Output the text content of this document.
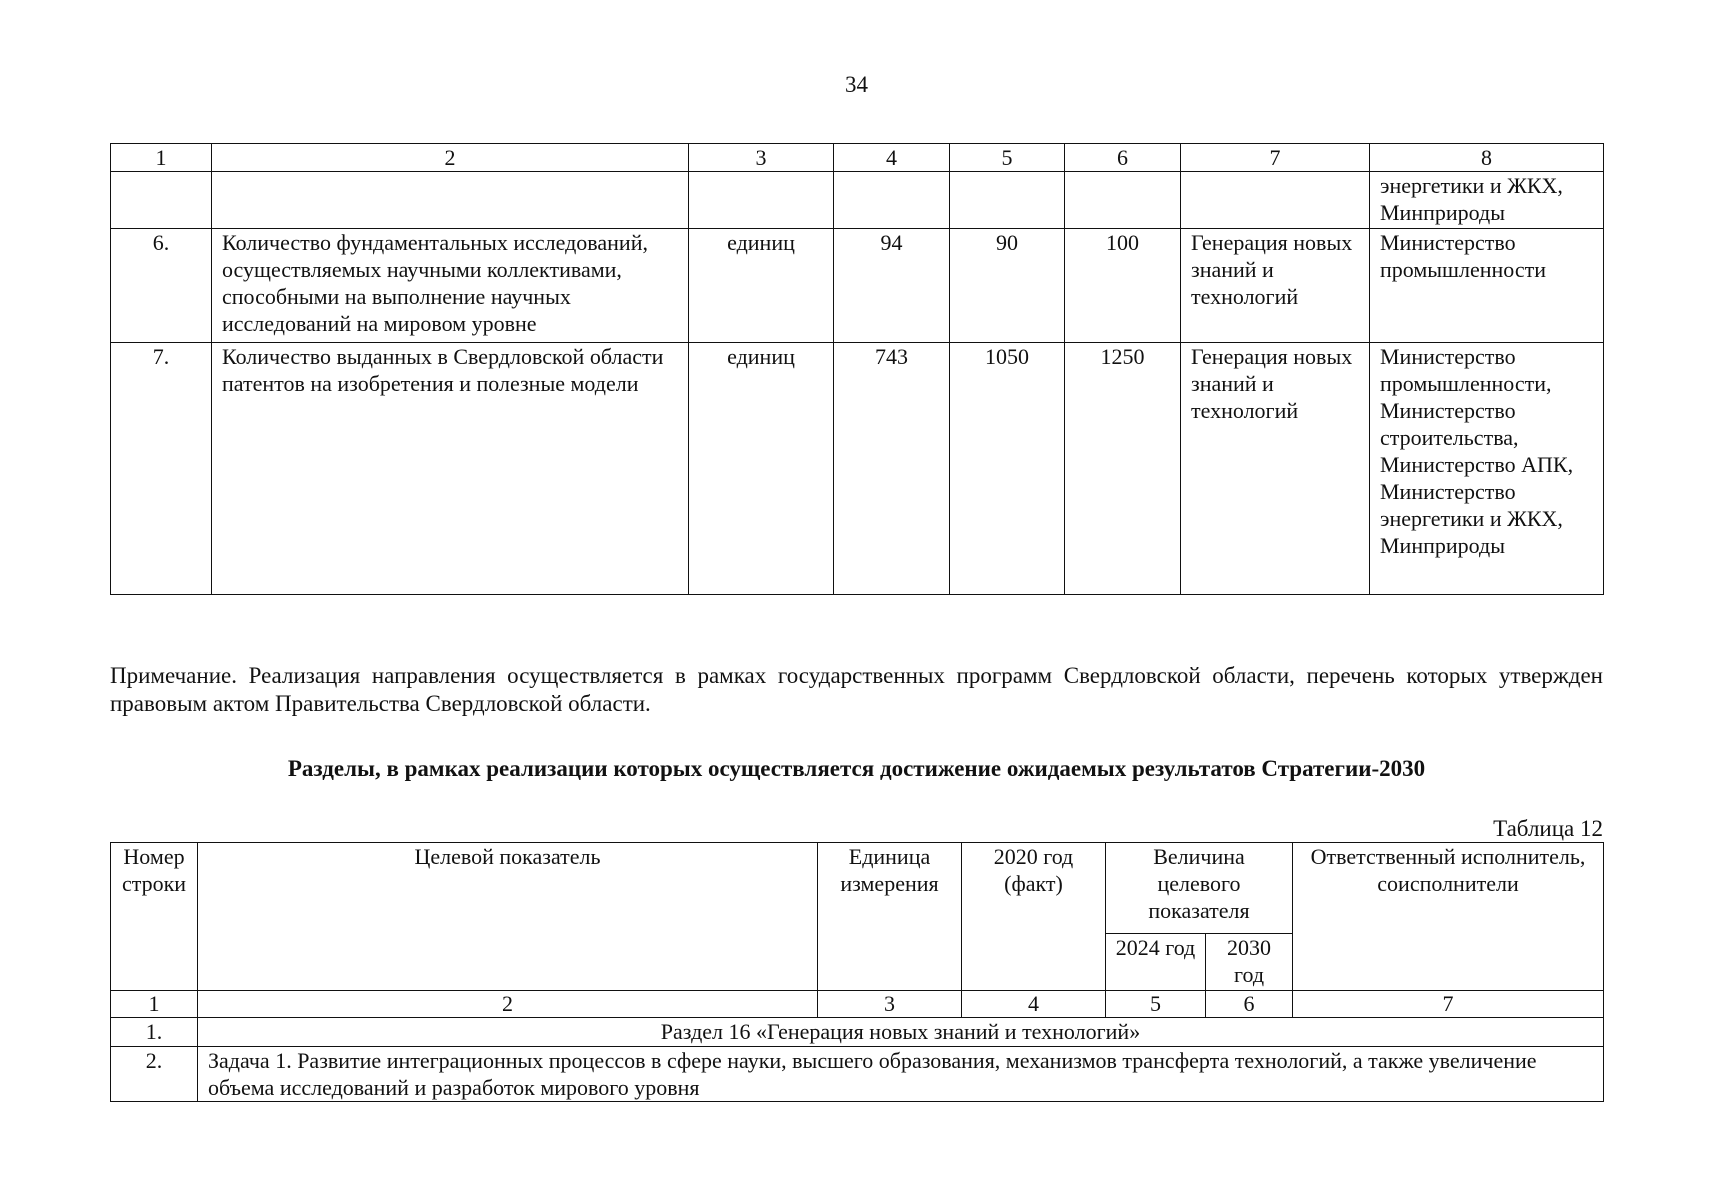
34
1	2	3	4	5	6	7	8
							энергетики и ЖКХ, Минприроды
6.	Количество фундаментальных исследований, осуществляемых научными коллективами, способными на выполнение научных исследований на мировом уровне	единиц	94	90	100	Генерация новых знаний и технологий	Министерство промышленности
7.	Количество выданных в Свердловской области патентов на изобретения и полезные модели	единиц	743	1050	1250	Генерация новых знаний и технологий	Министерство промышленности, Министерство строительства, Министерство АПК, Министерство энергетики и ЖКХ, Минприроды
Примечание. Реализация направления осуществляется в рамках государственных программ Свердловской области, перечень которых утвержден правовым актом Правительства Свердловской области.
Разделы, в рамках реализации которых осуществляется достижение ожидаемых результатов Стратегии-2030
Таблица 12
Номер строки	Целевой показатель	Единица измерения	2020 год (факт)	Величина целевого показателя		Ответственный исполнитель, соисполнители
				2024 год	2030 год	
1	2	3	4	5	6	7
1.	Раздел 16 «Генерация новых знаний и технологий»					
2.	Задача 1. Развитие интеграционных процессов в сфере науки, высшего образования, механизмов трансферта технологий, а также увеличение объема исследований и разработок мирового уровня					
